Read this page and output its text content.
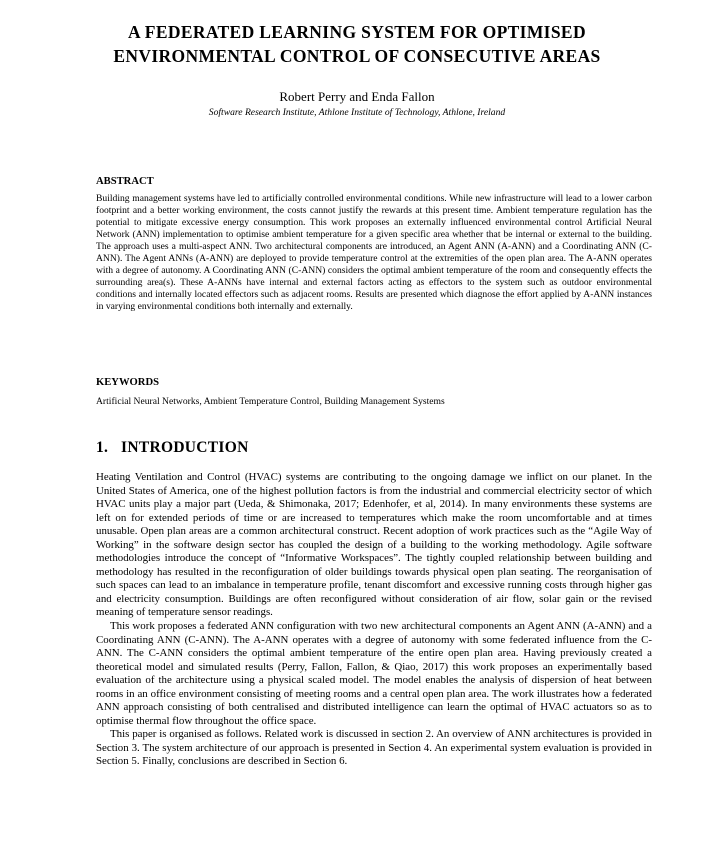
A FEDERATED LEARNING SYSTEM FOR OPTIMISED
ENVIRONMENTAL CONTROL OF CONSECUTIVE AREAS
Robert Perry and Enda Fallon
Software Research Institute, Athlone Institute of Technology, Athlone, Ireland
ABSTRACT

Building management systems have led to artificially controlled environmental conditions. While new infrastructure will lead to a lower carbon footprint and a better working environment, the costs cannot justify the rewards at this present time. Ambient temperature regulation has the potential to mitigate excessive energy consumption. This work proposes an externally influenced environmental control Artificial Neural Network (ANN) implementation to optimise ambient temperature for a given specific area whether that be internal or external to the building. The approach uses a multi-aspect ANN. Two architectural components are introduced, an Agent ANN (A-ANN) and a Coordinating ANN (C-ANN). The Agent ANNs (A-ANN) are deployed to provide temperature control at the extremities of the open plan area. The A-ANN operates with a degree of autonomy. A Coordinating ANN (C-ANN) considers the optimal ambient temperature of the room and consequently effects the surrounding area(s). These A-ANNs have internal and external factors acting as effectors to the system such as outdoor environmental conditions and internally located effectors such as adjacent rooms. Results are presented which diagnose the effort applied by A-ANN instances in varying environmental conditions both internally and externally.

KEYWORDS

Artificial Neural Networks, Ambient Temperature Control, Building Management Systems

1. INTRODUCTION

Heating Ventilation and Control (HVAC) systems are contributing to the ongoing damage we inflict on our planet. In the United States of America, one of the highest pollution factors is from the industrial and commercial electricity sector of which HVAC units play a major part (Ueda, & Shimonaka, 2017; Edenhofer, et al, 2014). In many environments these systems are left on for extended periods of time or are increased to temperatures which make the room uncomfortable and at times unusable. Open plan areas are a common architectural construct. Recent adoption of work practices such as the “Agile Way of Working” in the software design sector has coupled the design of a building to the working methodology. Agile software methodologies introduce the concept of “Informative Workspaces”. The tightly coupled relationship between building and methodology has resulted in the reconfiguration of older buildings towards physical open plan seating. The reorganisation of such spaces can lead to an imbalance in temperature profile, tenant discomfort and excessive running costs through higher gas and electricity consumption. Buildings are often reconfigured without consideration of air flow, solar gain or the revised meaning of temperature sensor readings.

This work proposes a federated ANN configuration with two new architectural components an Agent ANN (A-ANN) and a Coordinating ANN (C-ANN). The A-ANN operates with a degree of autonomy with some federated influence from the C-ANN. The C-ANN considers the optimal ambient temperature of the entire open plan area. Having previously created a theoretical model and simulated results (Perry, Fallon, Fallon, & Qiao, 2017) this work proposes an experimentally based evaluation of the architecture using a physical scaled model. The model enables the analysis of dispersion of heat between rooms in an office environment consisting of meeting rooms and a central open plan area. The work illustrates how a federated ANN approach consisting of both centralised and distributed intelligence can learn the optimal of HVAC actuators so as to optimise thermal flow throughout the office space.

This paper is organised as follows. Related work is discussed in section 2. An overview of ANN architectures is provided in Section 3. The system architecture of our approach is presented in Section 4. An experimental system evaluation is provided in Section 5. Finally, conclusions are described in Section 6.
